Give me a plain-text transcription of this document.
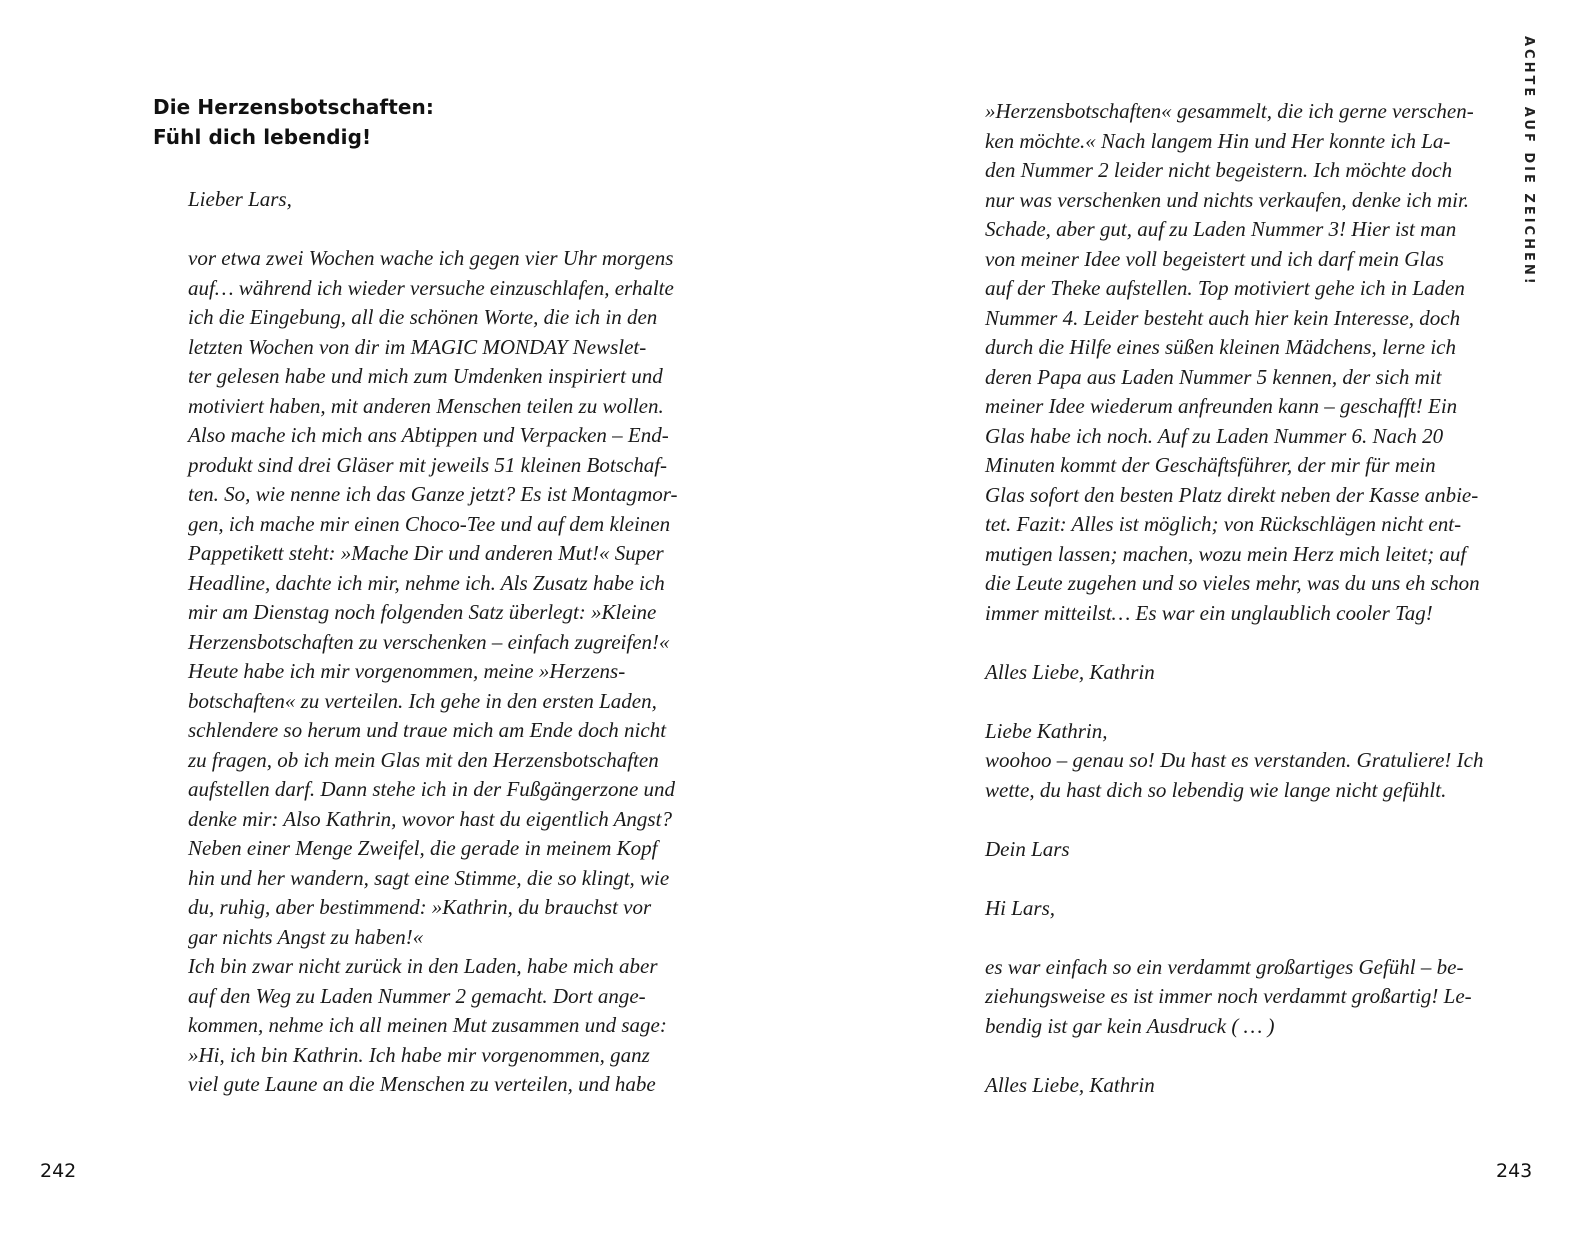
Die Herzensbotschaften:
Fühl dich lebendig!
Lieber Lars,
vor etwa zwei Wochen wache ich gegen vier Uhr morgens
auf… während ich wieder versuche einzuschlafen, erhalte
ich die Eingebung, all die schönen Worte, die ich in den
letzten Wochen von dir im MAGIC MONDAY Newslet-
ter gelesen habe und mich zum Umdenken inspiriert und
motiviert haben, mit anderen Menschen teilen zu wollen.
Also mache ich mich ans Abtippen und Verpacken – End-
produkt sind drei Gläser mit jeweils 51 kleinen Botschaf-
ten. So, wie nenne ich das Ganze jetzt? Es ist Montagmor-
gen, ich mache mir einen Choco-Tee und auf dem kleinen
Pappetikett steht: »Mache Dir und anderen Mut!« Super
Headline, dachte ich mir, nehme ich. Als Zusatz habe ich
mir am Dienstag noch folgenden Satz überlegt: »Kleine
Herzensbotschaften zu verschenken – einfach zugreifen!«
Heute habe ich mir vorgenommen, meine »Herzens-
botschaften« zu verteilen. Ich gehe in den ersten Laden,
schlendere so herum und traue mich am Ende doch nicht
zu fragen, ob ich mein Glas mit den Herzensbotschaften
aufstellen darf. Dann stehe ich in der Fußgängerzone und
denke mir: Also Kathrin, wovor hast du eigentlich Angst?
Neben einer Menge Zweifel, die gerade in meinem Kopf
hin und her wandern, sagt eine Stimme, die so klingt, wie
du, ruhig, aber bestimmend: »Kathrin, du brauchst vor
gar nichts Angst zu haben!«
Ich bin zwar nicht zurück in den Laden, habe mich aber
auf den Weg zu Laden Nummer 2 gemacht. Dort ange-
kommen, nehme ich all meinen Mut zusammen und sage:
»Hi, ich bin Kathrin. Ich habe mir vorgenommen, ganz
viel gute Laune an die Menschen zu verteilen, und habe
242
»Herzensbotschaften« gesammelt, die ich gerne verschen-
ken möchte.« Nach langem Hin und Her konnte ich La-
den Nummer 2 leider nicht begeistern. Ich möchte doch
nur was verschenken und nichts verkaufen, denke ich mir.
Schade, aber gut, auf zu Laden Nummer 3! Hier ist man
von meiner Idee voll begeistert und ich darf mein Glas
auf der Theke aufstellen. Top motiviert gehe ich in Laden
Nummer 4. Leider besteht auch hier kein Interesse, doch
durch die Hilfe eines süßen kleinen Mädchens, lerne ich
deren Papa aus Laden Nummer 5 kennen, der sich mit
meiner Idee wiederum anfreunden kann – geschafft! Ein
Glas habe ich noch. Auf zu Laden Nummer 6. Nach 20
Minuten kommt der Geschäftsführer, der mir für mein
Glas sofort den besten Platz direkt neben der Kasse anbie-
tet. Fazit: Alles ist möglich; von Rückschlägen nicht ent-
mutigen lassen; machen, wozu mein Herz mich leitet; auf
die Leute zugehen und so vieles mehr, was du uns eh schon
immer mitteilst… Es war ein unglaublich cooler Tag!
Alles Liebe, Kathrin
Liebe Kathrin,
woohoo – genau so! Du hast es verstanden. Gratuliere! Ich
wette, du hast dich so lebendig wie lange nicht gefühlt.
Dein Lars
Hi Lars,
es war einfach so ein verdammt großartiges Gefühl – be-
ziehungsweise es ist immer noch verdammt großartig! Le-
bendig ist gar kein Ausdruck ( … )
Alles Liebe, Kathrin
ACHTE AUF DIE ZEICHEN!
243
